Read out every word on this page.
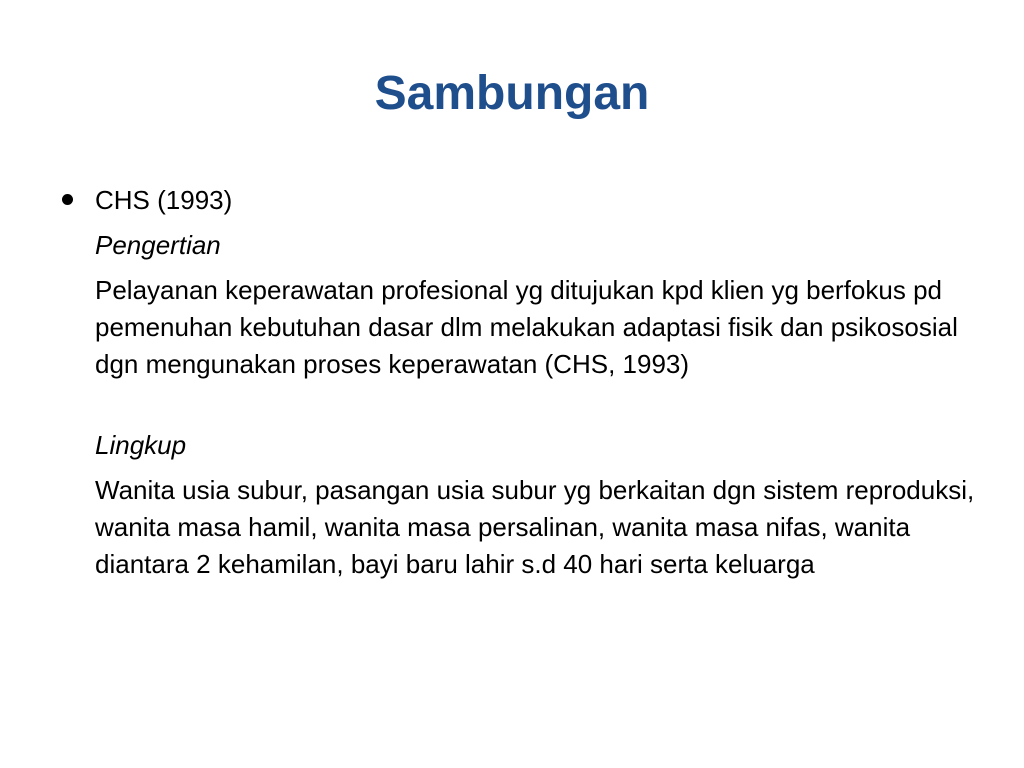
Sambungan
CHS (1993)
Pengertian
Pelayanan keperawatan profesional yg ditujukan kpd klien yg berfokus pd pemenuhan kebutuhan dasar dlm melakukan adaptasi fisik dan psikososial dgn mengunakan proses keperawatan (CHS, 1993)
Lingkup
Wanita usia subur, pasangan usia subur yg berkaitan dgn sistem reproduksi, wanita masa hamil, wanita masa persalinan, wanita masa nifas, wanita diantara 2 kehamilan, bayi baru lahir s.d 40 hari serta keluarga
